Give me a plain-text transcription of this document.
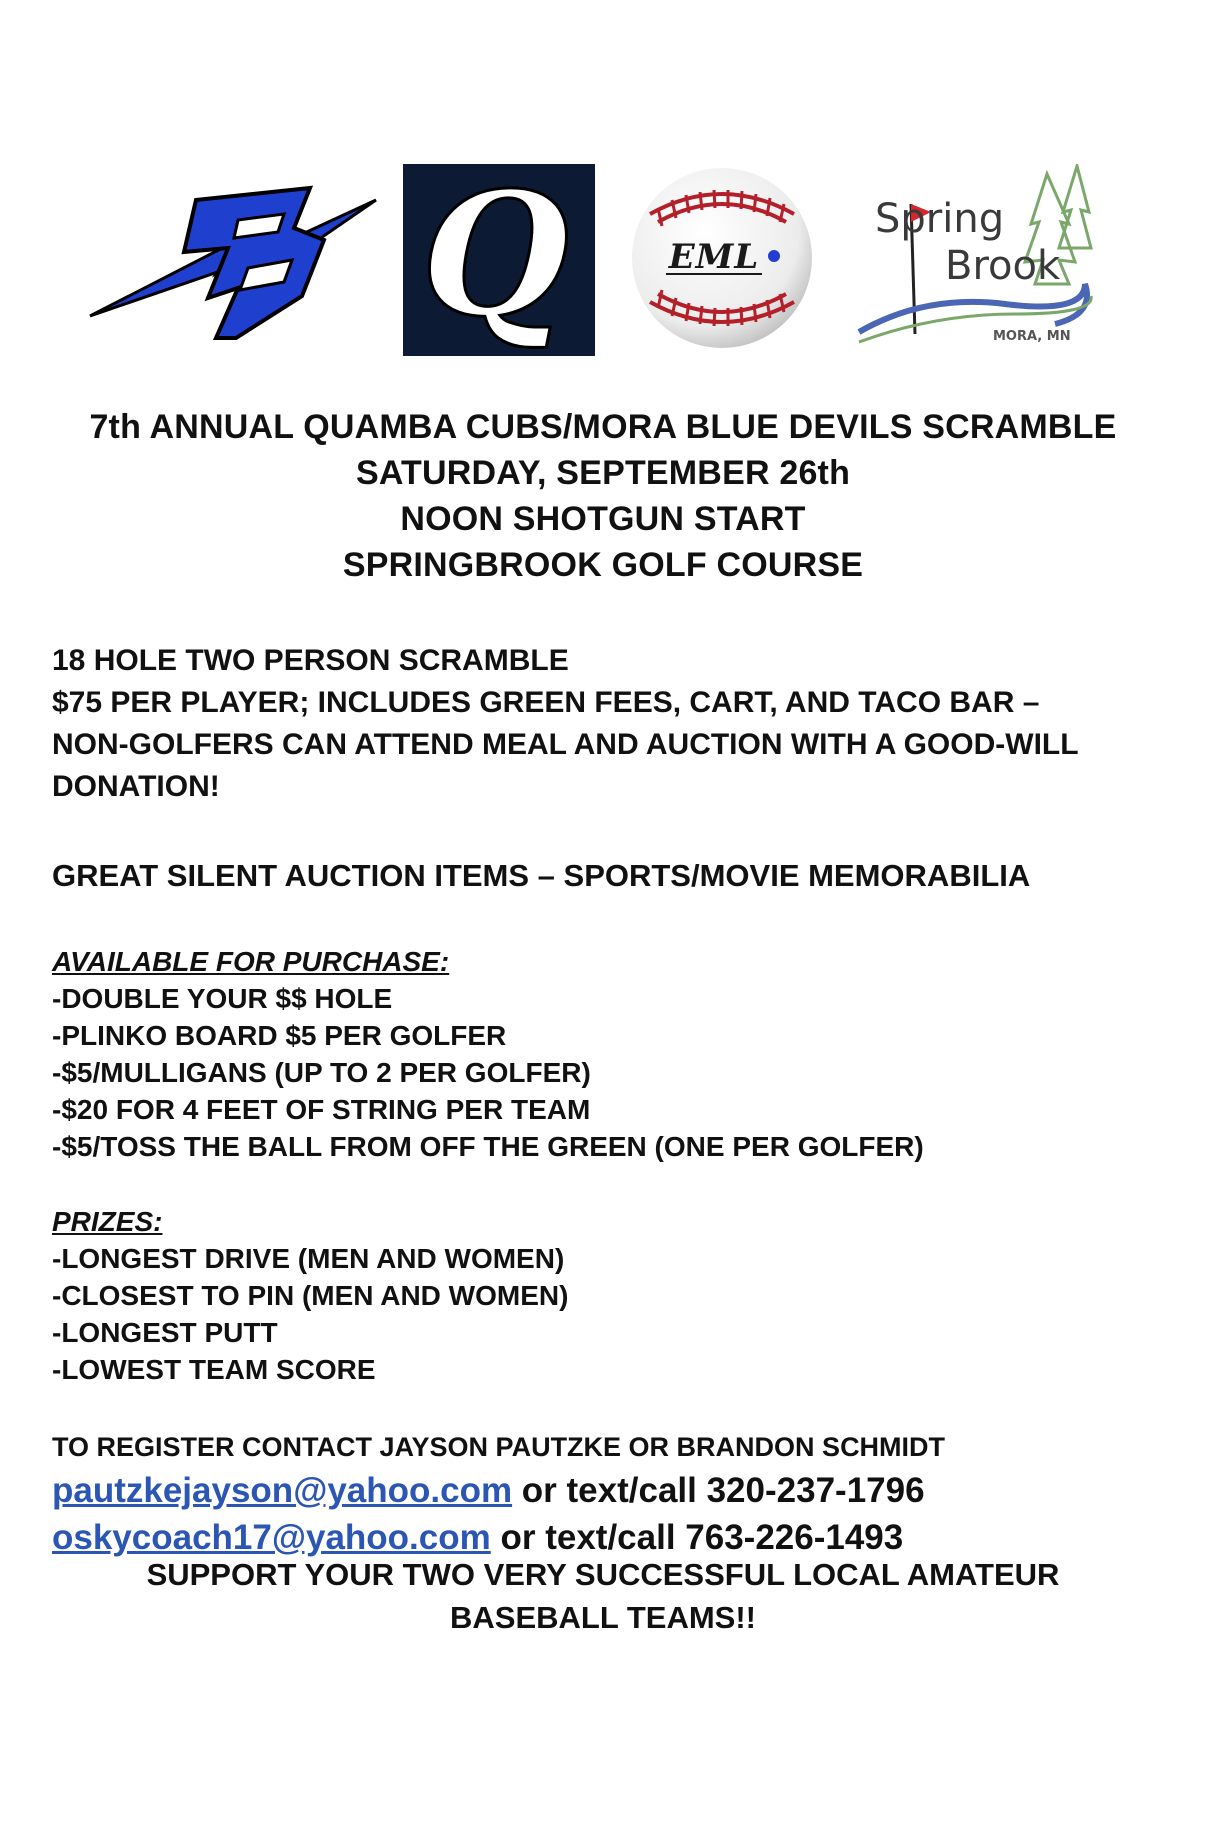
Q	EML
Spring
Brook
MORA, MN
7th ANNUAL QUAMBA CUBS/MORA BLUE DEVILS SCRAMBLE
SATURDAY, SEPTEMBER 26th
NOON SHOTGUN START
SPRINGBROOK GOLF COURSE
18 HOLE TWO PERSON SCRAMBLE
$75 PER PLAYER; INCLUDES GREEN FEES, CART, AND TACO BAR –
NON-GOLFERS CAN ATTEND MEAL AND AUCTION WITH A GOOD-WILL
DONATION!
GREAT SILENT AUCTION ITEMS – SPORTS/MOVIE MEMORABILIA
AVAILABLE FOR PURCHASE:
-DOUBLE YOUR $$ HOLE
-PLINKO BOARD $5 PER GOLFER
-$5/MULLIGANS (UP TO 2 PER GOLFER)
-$20 FOR 4 FEET OF STRING PER TEAM
-$5/TOSS THE BALL FROM OFF THE GREEN (ONE PER GOLFER)
PRIZES:
-LONGEST DRIVE (MEN AND WOMEN)
-CLOSEST TO PIN (MEN AND WOMEN)
-LONGEST PUTT
-LOWEST TEAM SCORE
TO REGISTER CONTACT JAYSON PAUTZKE OR BRANDON SCHMIDT
pautzkejayson@yahoo.com or text/call 320-237-1796
oskycoach17@yahoo.com or text/call 763-226-1493
SUPPORT YOUR TWO VERY SUCCESSFUL LOCAL AMATEUR
BASEBALL TEAMS!!
